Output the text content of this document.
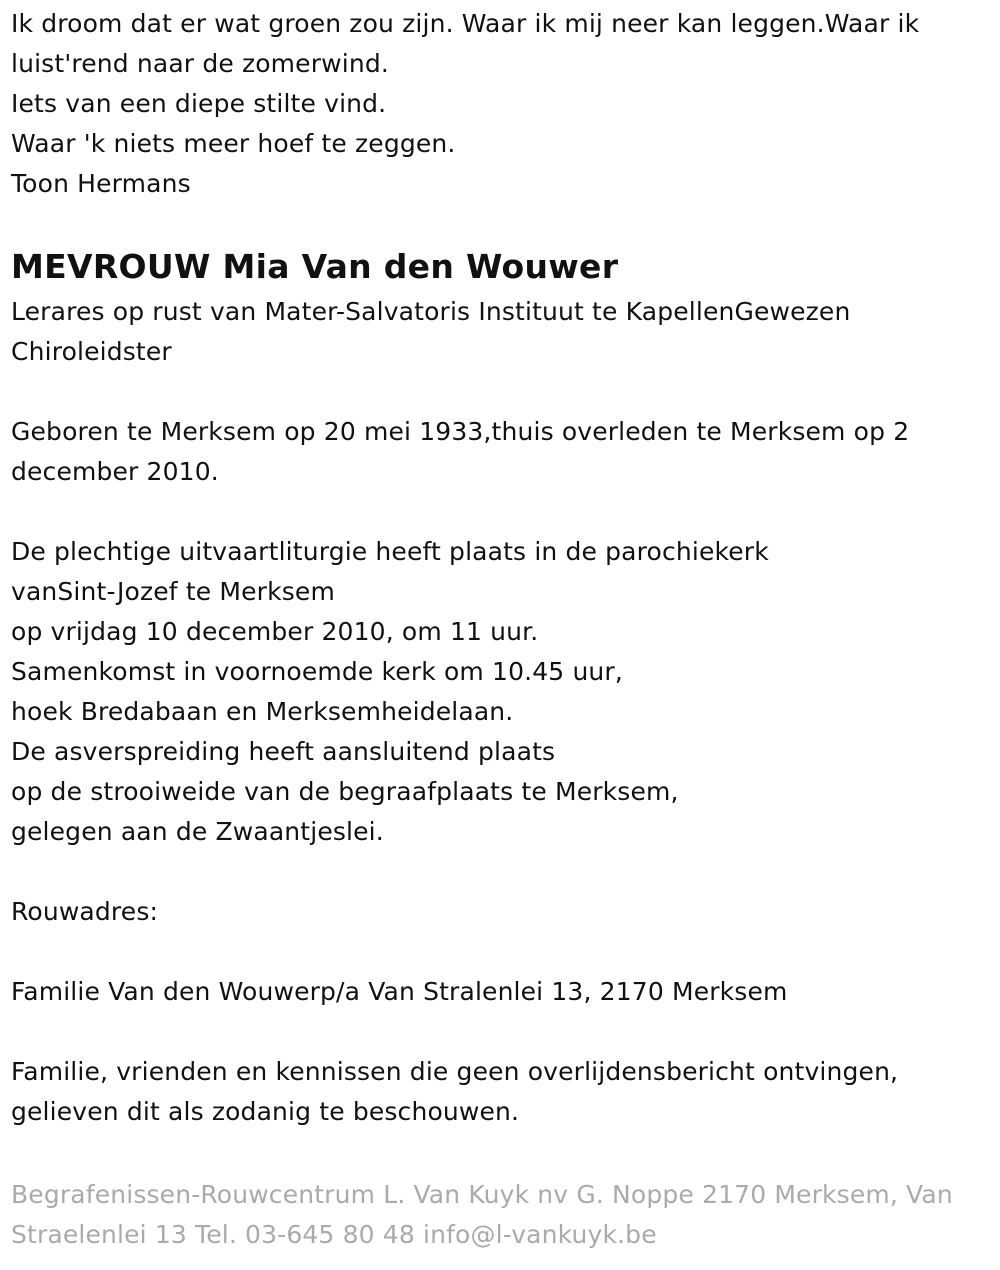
Ik droom dat er wat groen zou zijn. Waar ik mij neer kan leggen.Waar ik

luist'rend naar de zomerwind.

Iets van een diepe stilte vind.

Waar 'k niets meer hoef te zeggen.

Toon Hermans

MEVROUW Mia Van den Wouwer

Lerares op rust van Mater-Salvatoris Instituut te KapellenGewezen

Chiroleidster

Geboren te Merksem op 20 mei 1933,thuis overleden te Merksem op 2

december 2010.

De plechtige uitvaartliturgie heeft plaats in de parochiekerk

vanSint-Jozef te Merksem

op vrijdag 10 december 2010, om 11 uur.

Samenkomst in voornoemde kerk om 10.45 uur,

hoek Bredabaan en Merksemheidelaan.

De asverspreiding heeft aansluitend plaats

op de strooiweide van de begraafplaats te Merksem,

gelegen aan de Zwaantjeslei.

Rouwadres:

Familie Van den Wouwerp/a Van Stralenlei 13, 2170 Merksem

Familie, vrienden en kennissen die geen overlijdensbericht ontvingen,

gelieven dit als zodanig te beschouwen.

Begrafenissen-Rouwcentrum L. Van Kuyk nv G. Noppe 2170 Merksem, Van

Straelenlei 13 Tel. 03-645 80 48 info@l-vankuyk.be
